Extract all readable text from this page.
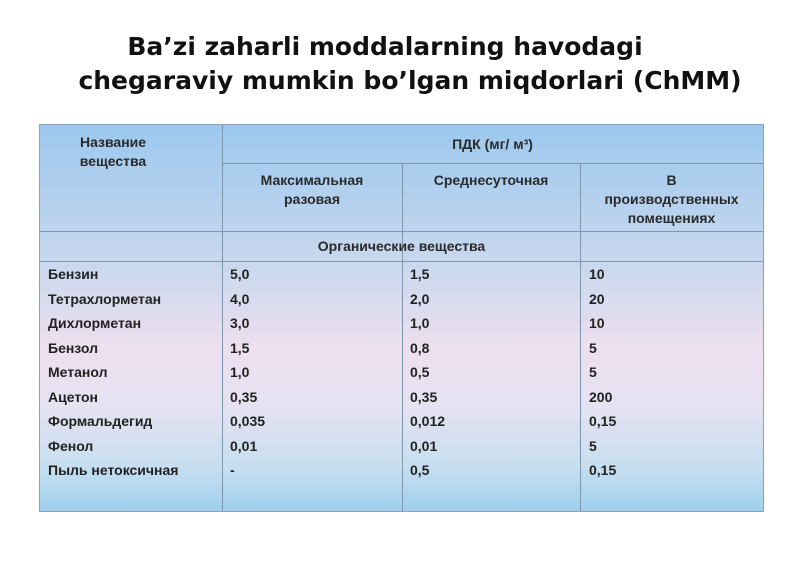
Ba’zi zaharli moddalarning havodagi
chegaraviy mumkin bo’lgan miqdorlari (ChMM)
Название
вещества
ПДК (мг/ м³)
Максимальная
разовая
Среднесуточная	В
производственных
помещениях
Органические вещества
Бензин
Тетрахлорметан
Дихлорметан
Бензол
Метанол
Ацетон
Формальдегид
Фенол
Пыль нетоксичная
5,0
4,0
3,0
1,5
1,0
0,35
0,035
0,01
-
1,5
2,0
1,0
0,8
0,5
0,35
0,012
0,01
0,5
10
20
10
5
5
200
0,15
5
0,15
